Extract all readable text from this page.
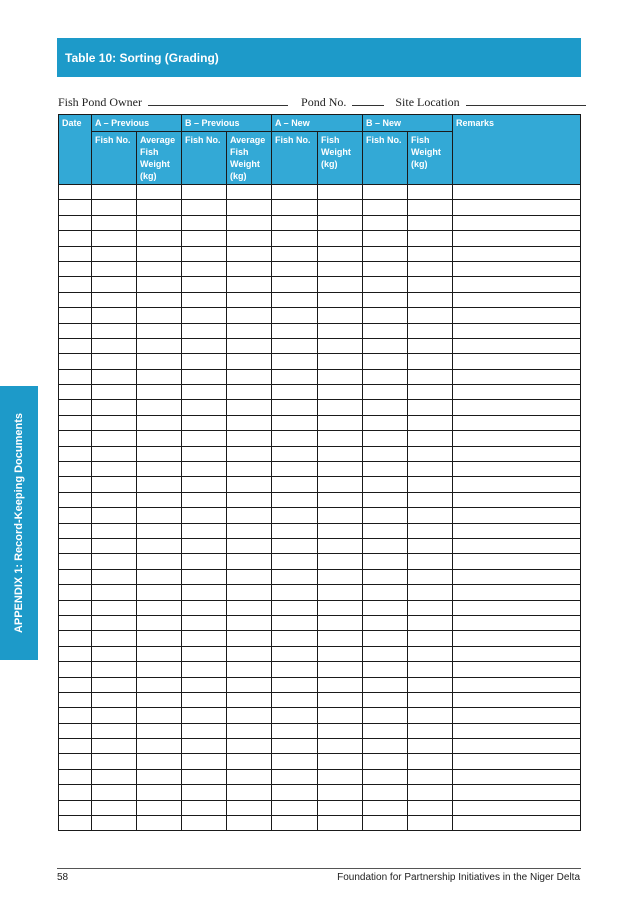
Table 10: Sorting (Grading)
Fish Pond Owner	Pond No.	Site Location
Date	A – Previous		B – Previous		A – New		B – New		Remarks
	Fish No.	Average Fish Weight (kg)	Fish No.	Average Fish Weight (kg)	Fish No.	Fish Weight (kg)	Fish No.	Fish Weight (kg)	

APPENDIX 1: Record-Keeping Documents
58	Foundation for Partnership Initiatives in the Niger Delta
